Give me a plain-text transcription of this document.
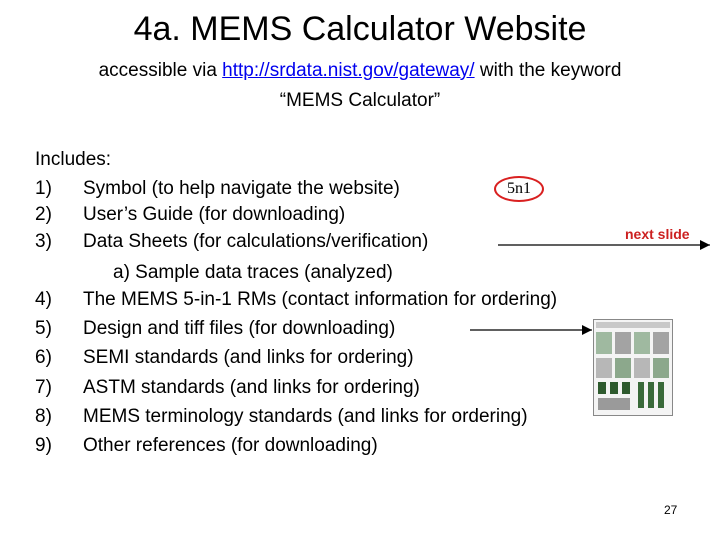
4a. MEMS Calculator Website
accessible via http://srdata.nist.gov/gateway/ with the keyword
“MEMS Calculator”
Includes:
1) Symbol (to help navigate the website)
2) User’s Guide (for downloading)
3) Data Sheets (for calculations/verification)
a) Sample data traces (analyzed)
4) The MEMS 5-in-1 RMs (contact information for ordering)
5) Design and tiff files (for downloading)
6) SEMI standards (and links for ordering)
7) ASTM standards (and links for ordering)
8) MEMS terminology standards (and links for ordering)
9) Other references (for downloading)
5n1
next slide
27
